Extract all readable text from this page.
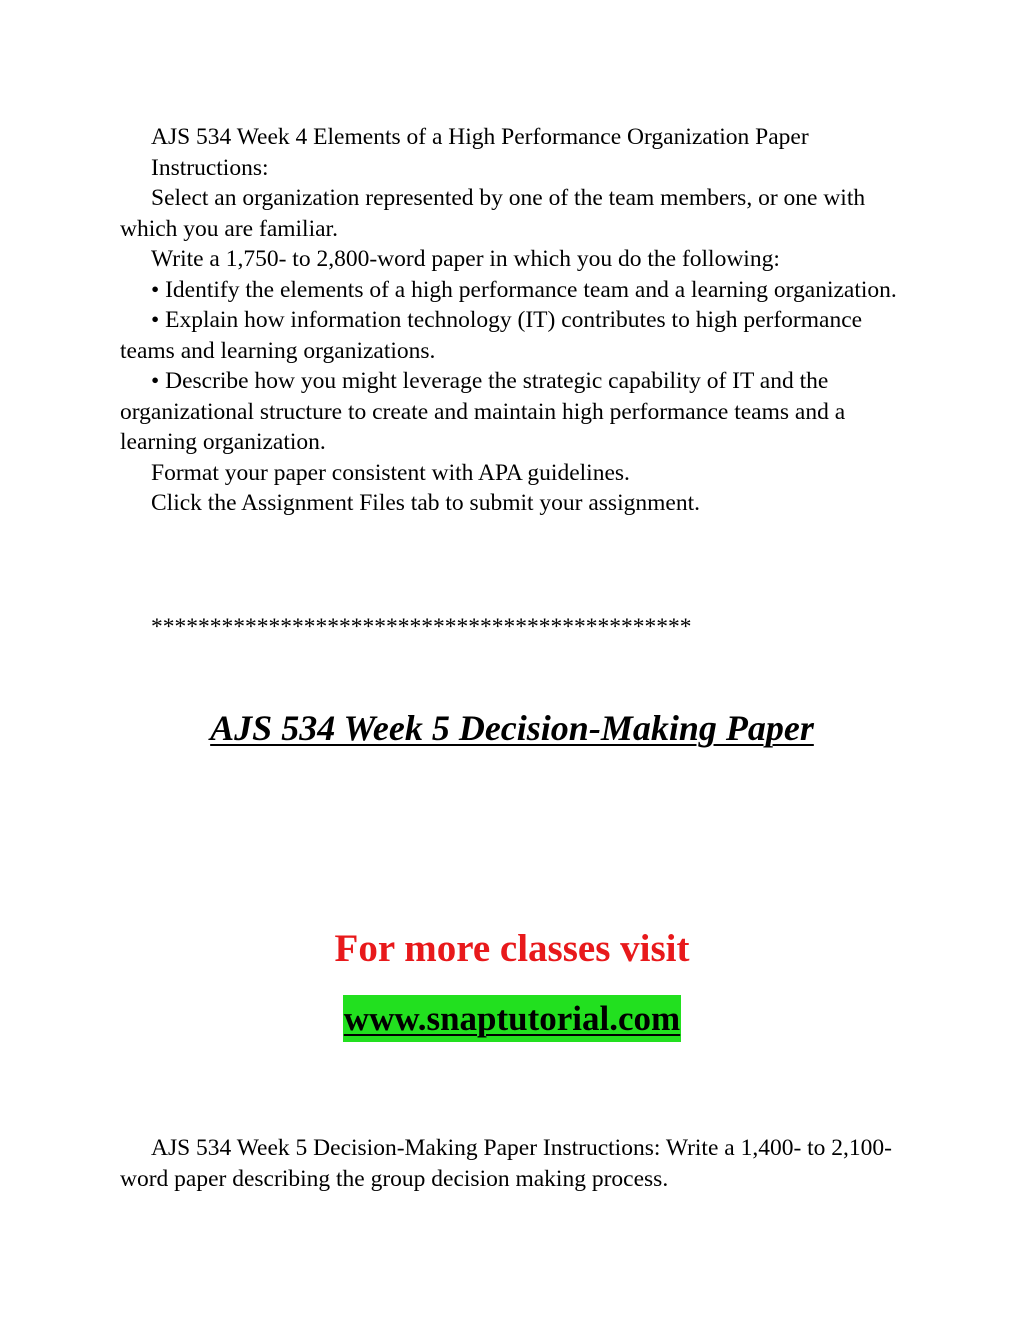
AJS 534 Week 4 Elements of a High Performance Organization Paper

Instructions:

Select an organization represented by one of the team members, or one with which you are familiar.

Write a 1,750- to 2,800-word paper in which you do the following:

• Identify the elements of a high performance team and a learning organization.

• Explain how information technology (IT) contributes to high performance teams and learning organizations.

• Describe how you might leverage the strategic capability of IT and the organizational structure to create and maintain high performance teams and a learning organization.

Format your paper consistent with APA guidelines.

Click the Assignment Files tab to submit your assignment.

**********************************************
AJS 534 Week 5 Decision-Making Paper
For more classes visit
www.snaptutorial.com

AJS 534 Week 5 Decision-Making Paper Instructions: Write a 1,400- to 2,100-word paper describing the group decision making process.
